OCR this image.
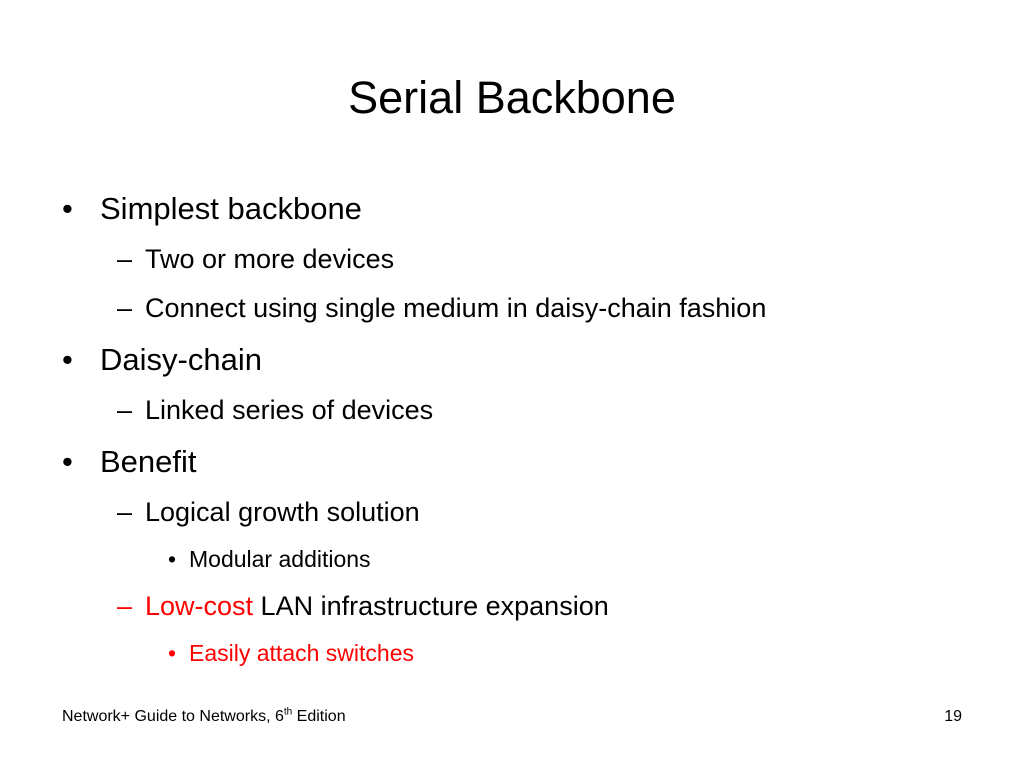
Serial Backbone
• Simplest backbone
– Two or more devices
– Connect using single medium in daisy-chain fashion
• Daisy-chain
– Linked series of devices
• Benefit
– Logical growth solution
• Modular additions
– Low-cost LAN infrastructure expansion
• Easily attach switches
Network+ Guide to Networks, 6th Edition	19
